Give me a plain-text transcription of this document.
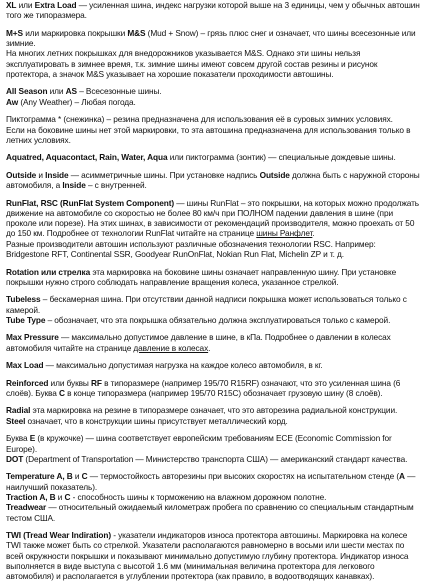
XL или Extra Load — усиленная шина, индекс нагрузки которой выше на 3 единицы, чем у обычных автошин того же типоразмера.

M+S или маркировка покрышки M&S (Mud + Snow) – грязь плюс снег и означает, что шины всесезонные или зимние.
На многих летних покрышках для внедорожников указывается M&S. Однако эти шины нельзя эксплуатировать в зимнее время, т.к. зимние шины имеют совсем другой состав резины и рисунок протектора, а значок M&S указывает на хорошие показатели проходимости автошины.

All Season или AS – Всесезонные шины.
Aw (Any Weather) – Любая погода.

Пиктограмма * (снежинка) – резина предназначена для использования её в суровых зимних условиях.
Если на боковине шины нет этой маркировки, то эта автошина предназначена для использования только в летних условиях.

Aquatred, Aquacontact, Rain, Water, Aqua или пиктограмма (зонтик) — специальные дождевые шины.

Outside и Inside — асимметричные шины. При установке надпись Outside должна быть с наружной стороны автомобиля, а Inside – с внутренней.

RunFlat, RSC (RunFlat System Component) — шины RunFlat – это покрышки, на которых можно продолжать движение на автомобиле со скоростью не более 80 км/ч при ПОЛНОМ падении давления в шине (при проколе или порезе). На этих шинах, в зависимости от рекомендаций производителя, можно проехать от 50 до 150 км. Подробнее от технологии RunFlat читайте на странице шины Ранфлет.
Разные производители автошин используют различные обозначения технологии RSC. Например: Bridgestone RFT, Continental SSR, Goodyear RunOnFlat, Nokian Run Flat, Michelin ZP и т. д.

Rotation или стрелка эта маркировка на боковине шины означает направленную шину. При установке покрышки нужно строго соблюдать направление вращения колеса, указанное стрелкой.

Tubeless – бескамерная шина. При отсутствии данной надписи покрышка может использоваться только с камерой.
Tube Type – обозначает, что эта покрышка обязательно должна эксплуатироваться только с камерой.

Max Pressure — максимально допустимое давление в шине, в кПа. Подробнее о давлении в колесах автомобиля читайте на странице давление в колесах.

Max Load — максимально допустимая нагрузка на каждое колесо автомобиля, в кг.

Reinforced или буквы RF в типоразмере (например 195/70 R15RF) означают, что это усиленная шина (6 слоёв). Буква C в конце типоразмера (например 195/70 R15C) обозначает грузовую шину (8 слоёв).

Radial эта маркировка на резине в типоразмере означает, что это авторезина радиальной конструкции.
Steel означает, что в конструкции шины присутствует металлический корд.

Буква E (в кружочке) — шина соответствует европейским требованиям ECE (Economic Commission for Europe).
DOT (Department of Transportation — Министерство транспорта США) — американский стандарт качества.

Temperature A, B и C — термостойкость авторезины при высоких скоростях на испытательном стенде (A — наилучший показатель).
Traction A, B и C - способность шины к торможению на влажном дорожном полотне.
Treadwear — относительный ожидаемый километраж пробега по сравнению со специальным стандартным тестом США.

TWI (Tread Wear Indiration) - указатели индикаторов износа протектора автошины. Маркировка на колесе TWI также может быть со стрелкой. Указатели располагаются равномерно в восьми или шести местах по всей окружности покрышки и показывают минимально допустимую глубину протектора. Индикатор износа выполняется в виде выступа с высотой 1.6 мм (минимальная величина протектора для легкового автомобиля) и располагается в углублении протектора (как правило, в водоотводящих канавках).
